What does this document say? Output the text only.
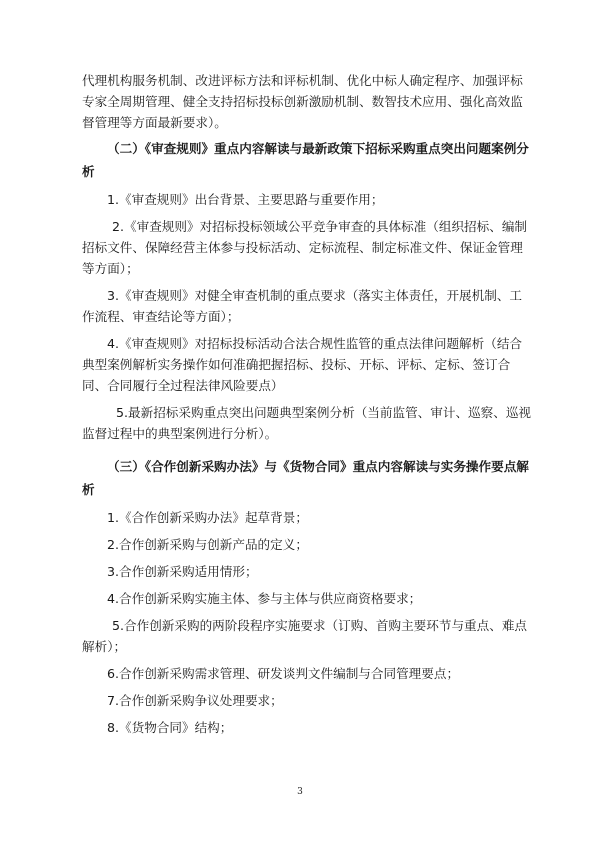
代理机构服务机制、改进评标方法和评标机制、优化中标人确定程序、加强评标专家全周期管理、健全支持招标投标创新激励机制、数智技术应用、强化高效监督管理等方面最新要求）。

（二）《审查规则》重点内容解读与最新政策下招标采购重点突出问题案例分析

1.《审查规则》出台背景、主要思路与重要作用；

2.《审查规则》对招标投标领域公平竞争审查的具体标准（组织招标、编制招标文件、保障经营主体参与投标活动、定标流程、制定标准文件、保证金管理等方面）；

3.《审查规则》对健全审查机制的重点要求（落实主体责任，开展机制、工作流程、审查结论等方面）；

4.《审查规则》对招标投标活动合法合规性监管的重点法律问题解析（结合典型案例解析实务操作如何准确把握招标、投标、开标、评标、定标、签订合同、合同履行全过程法律风险要点）

5.最新招标采购重点突出问题典型案例分析（当前监管、审计、巡察、巡视监督过程中的典型案例进行分析）。

（三）《合作创新采购办法》与《货物合同》重点内容解读与实务操作要点解析

1.《合作创新采购办法》起草背景；

2.合作创新采购与创新产品的定义；

3.合作创新采购适用情形；

4.合作创新采购实施主体、参与主体与供应商资格要求；

5.合作创新采购的两阶段程序实施要求（订购、首购主要环节与重点、难点解析）；

6.合作创新采购需求管理、研发谈判文件编制与合同管理要点；

7.合作创新采购争议处理要求；

8.《货物合同》结构；

3
